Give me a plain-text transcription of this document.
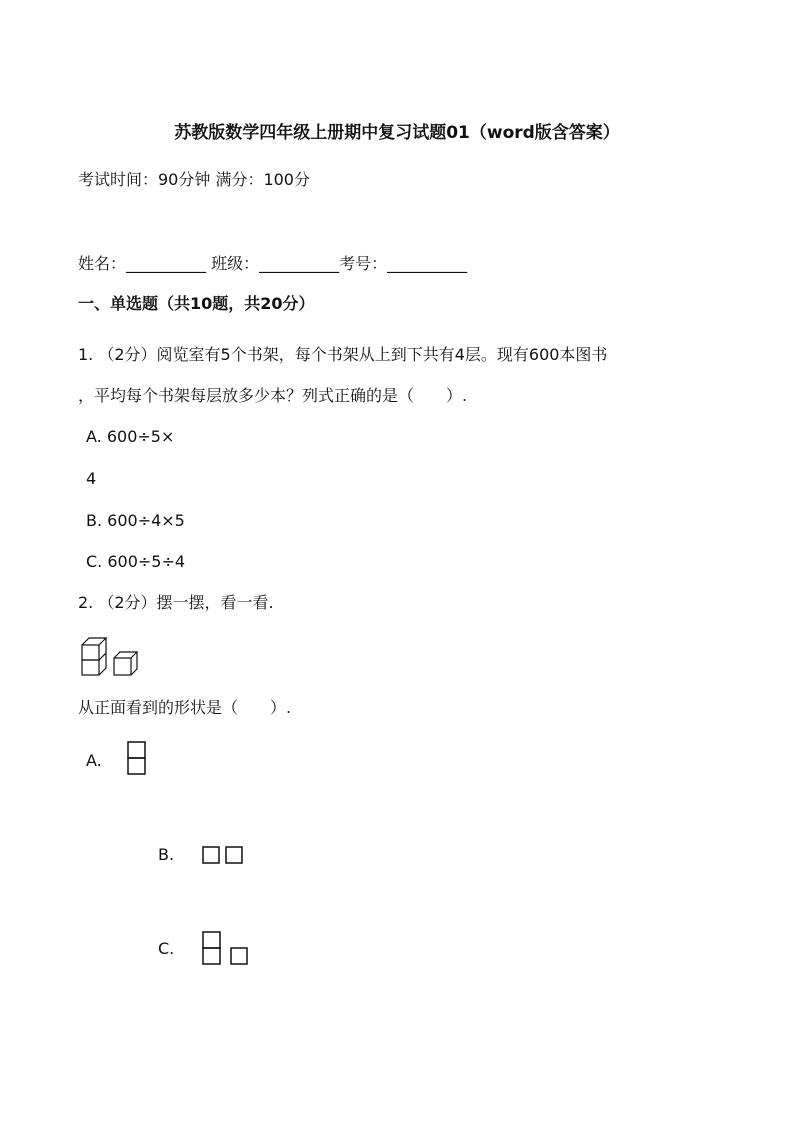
苏教版数学四年级上册期中复习试题01（word版含答案）
考试时间：90分钟 满分：100分
姓名：__________ 班级：__________考号：__________
一、单选题（共10题，共20分）
1. （2分）阅览室有5个书架，每个书架从上到下共有4层。现有600本图书
，平均每个书架每层放多少本？列式正确的是（　　）.
A. 600÷5×
4
B. 600÷4×5
C. 600÷5÷4
2. （2分）摆一摆，看一看.
从正面看到的形状是（　　）.
A.
B.
C.
